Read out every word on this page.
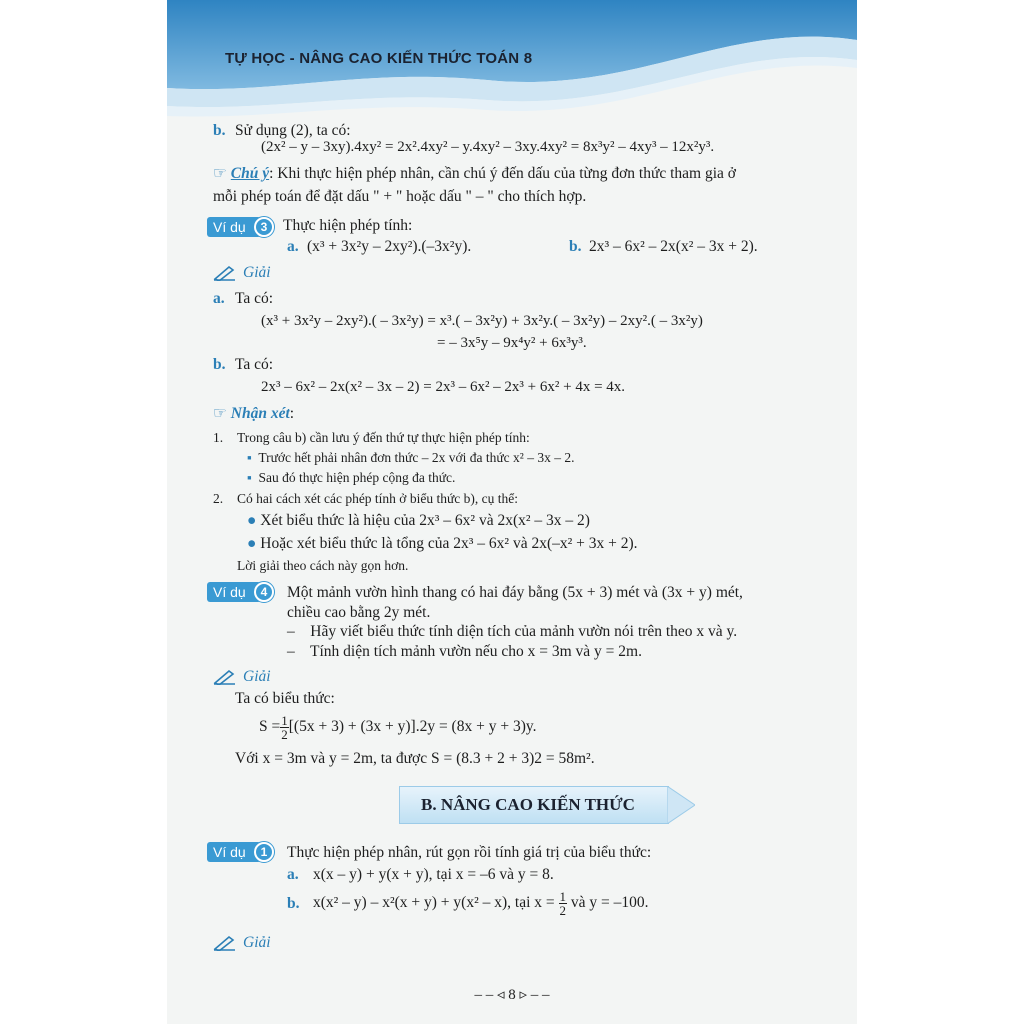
TỰ HỌC - NÂNG CAO KIẾN THỨC TOÁN 8
b. Sử dụng (2), ta có:
(2x² – y – 3xy).4xy² = 2x².4xy² – y.4xy² – 3xy.4xy² = 8x³y² – 4xy³ – 12x²y³.
☞ Chú ý: Khi thực hiện phép nhân, cần chú ý đến dấu của từng đơn thức tham gia ở
mỗi phép toán để đặt dấu " + " hoặc dấu " – " cho thích hợp.
Ví dụ	3	Thực hiện phép tính:
a. (x³ + 3x²y – 2xy²).(–3x²y).	b. 2x³ – 6x² – 2x(x² – 3x + 2).
Giải
a. Ta có:
(x³ + 3x²y – 2xy²).( – 3x²y) = x³.( – 3x²y) + 3x²y.( – 3x²y) – 2xy².( – 3x²y)
= – 3x⁵y – 9x⁴y² + 6x³y³.
b. Ta có:
2x³ – 6x² – 2x(x² – 3x – 2) = 2x³ – 6x² – 2x³ + 6x² + 4x = 4x.
☞ Nhận xét:
1. Trong câu b) cần lưu ý đến thứ tự thực hiện phép tính:
▪ Trước hết phải nhân đơn thức – 2x với đa thức x² – 3x – 2.
▪ Sau đó thực hiện phép cộng đa thức.
2. Có hai cách xét các phép tính ở biểu thức b), cụ thể:
● Xét biểu thức là hiệu của 2x³ – 6x² và 2x(x² – 3x – 2)
● Hoặc xét biểu thức là tổng của 2x³ – 6x² và 2x(–x² + 3x + 2).
Lời giải theo cách này gọn hơn.
Ví dụ	4	Một mảnh vườn hình thang có hai đáy bằng (5x + 3) mét và (3x + y) mét,
chiều cao bằng 2y mét.
–    Hãy viết biểu thức tính diện tích của mảnh vườn nói trên theo x và y.
–    Tính diện tích mảnh vườn nếu cho x = 3m và y = 2m.
Giải
Ta có biểu thức:
$S = \frac{1}{2} [(5x + 3) + (3x + y)].2y = (8x + y + 3)y$.
Với x = 3m và y = 2m, ta được S = (8.3 + 2 + 3)2 = 58m².
B. NÂNG CAO KIẾN THỨC
Ví dụ	1	Thực hiện phép nhân, rút gọn rồi tính giá trị của biểu thức:
a. x(x – y) + y(x + y), tại x = –6 và y = 8.
b. x(x² – y) – x²(x + y) + y(x² – x), tại $x = \frac{1}{2}$ và y = –100.
Giải
– – ◃ 8 ▹ – –
